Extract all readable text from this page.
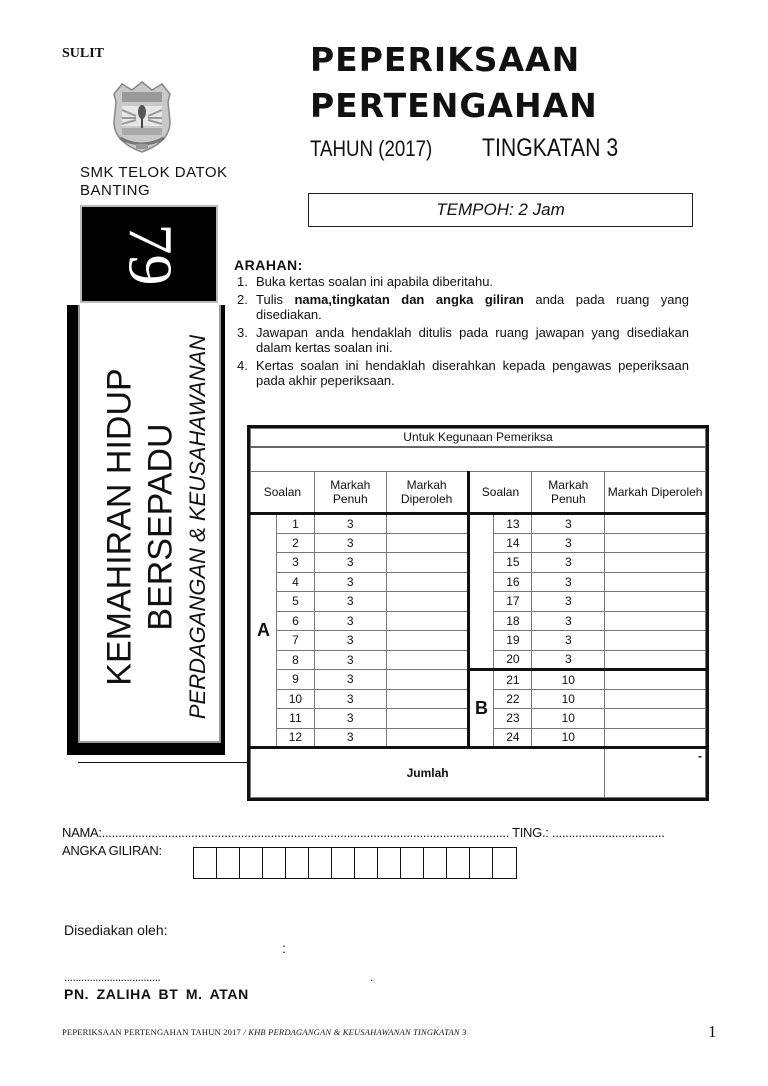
SULIT
SMK TELOK DATOK BANTING
PEPERIKSAAN
PERTENGAHAN
TAHUN (2017) TINGKATAN 3
TEMPOH: 2 Jam
79
KEMAHIRAN HIDUP BERSEPADU PERDAGANGAN & KEUSAHAWANAN
ARAHAN:
1. Buka kertas soalan ini apabila diberitahu.
2. Tulis nama,tingkatan dan angka giliran anda pada ruang yang disediakan.
3. Jawapan anda hendaklah ditulis pada ruang jawapan yang disediakan dalam kertas soalan ini.
4. Kertas soalan ini hendaklah diserahkan kepada pengawas peperiksaan pada akhir peperiksaan.
Untuk Kegunaan Pemeriksa							

Soalan		Markah Penuh	Markah Diperoleh	Soalan		Markah Penuh	Markah Diperoleh
A	1	3			13	3	
	2	3			14	3	
	3	3			15	3	
	4	3			16	3	
	5	3			17	3	
	6	3			18	3	
	7	3			19	3	
	8	3			20	3	
	9	3		B	21	10	
	10	3			22	10	
	11	3			23	10	
	12	3			24	10	
Jumlah							-
NAMA:........................................................................................................................... TING.: ..................................
ANGKA GILIRAN:
Disediakan oleh:
:
..................................	.
PN. ZALIHA BT M. ATAN
PEPERIKSAAN PERTENGAHAN TAHUN 2017 / KHB PERDAGANGAN & KEUSAHAWANAN TINGKATAN 3	1
